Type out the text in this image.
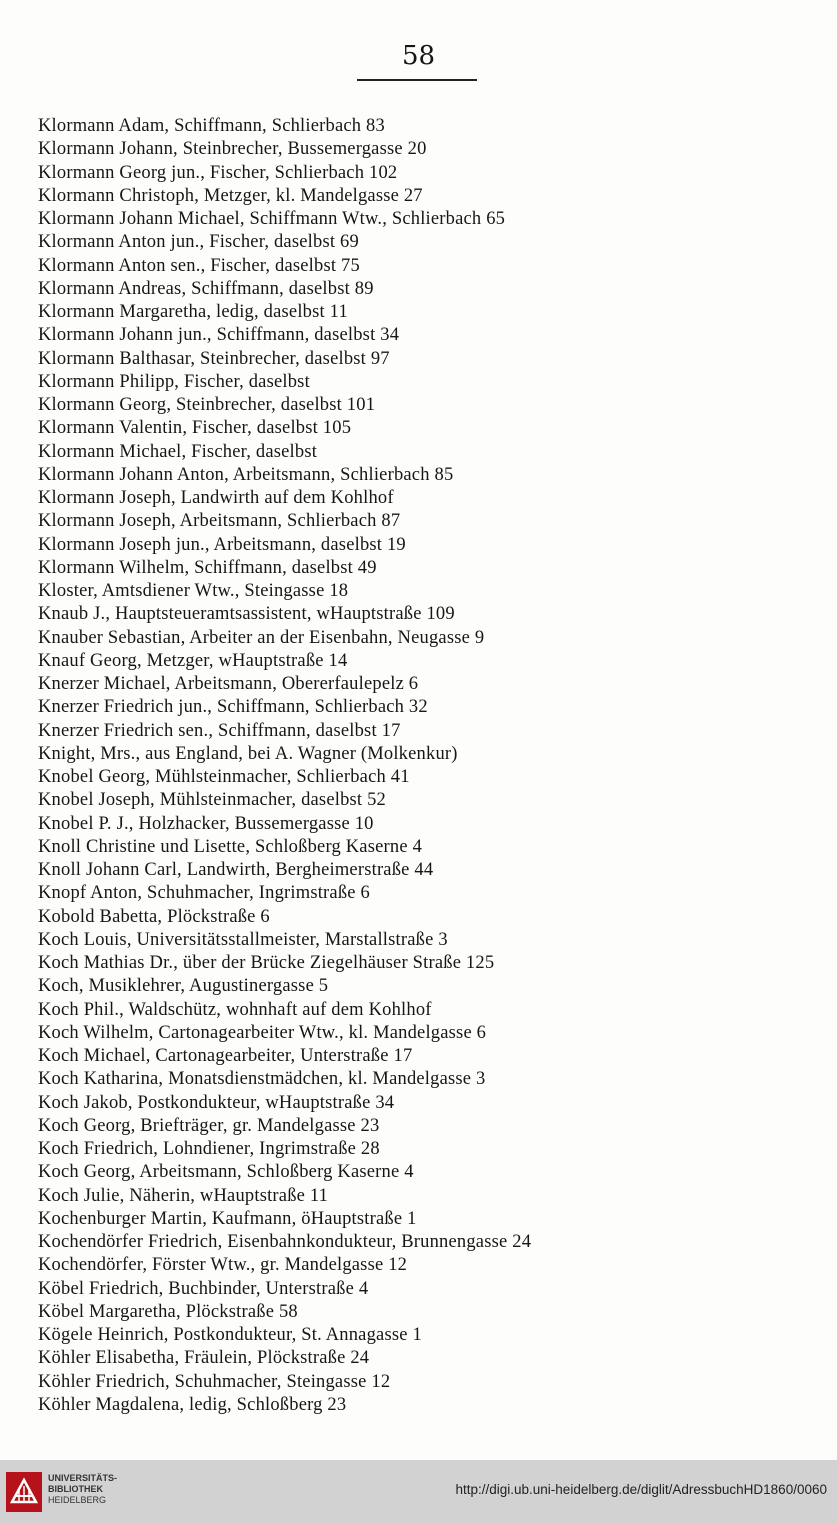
58
Klormann Adam, Schiffmann, Schlierbach 83
Klormann Johann, Steinbrecher, Bussemergasse 20
Klormann Georg jun., Fischer, Schlierbach 102
Klormann Christoph, Metzger, kl. Mandelgasse 27
Klormann Johann Michael, Schiffmann Wtw., Schlierbach 65
Klormann Anton jun., Fischer, daselbst 69
Klormann Anton sen., Fischer, daselbst 75
Klormann Andreas, Schiffmann, daselbst 89
Klormann Margaretha, ledig, daselbst 11
Klormann Johann jun., Schiffmann, daselbst 34
Klormann Balthasar, Steinbrecher, daselbst 97
Klormann Philipp, Fischer, daselbst
Klormann Georg, Steinbrecher, daselbst 101
Klormann Valentin, Fischer, daselbst 105
Klormann Michael, Fischer, daselbst
Klormann Johann Anton, Arbeitsmann, Schlierbach 85
Klormann Joseph, Landwirth auf dem Kohlhof
Klormann Joseph, Arbeitsmann, Schlierbach 87
Klormann Joseph jun., Arbeitsmann, daselbst 19
Klormann Wilhelm, Schiffmann, daselbst 49
Kloster, Amtsdiener Wtw., Steingasse 18
Knaub J., Hauptsteueramtsassistent, wHauptstraße 109
Knauber Sebastian, Arbeiter an der Eisenbahn, Neugasse 9
Knauf Georg, Metzger, wHauptstraße 14
Knerzer Michael, Arbeitsmann, Obererfaulepelz 6
Knerzer Friedrich jun., Schiffmann, Schlierbach 32
Knerzer Friedrich sen., Schiffmann, daselbst 17
Knight, Mrs., aus England, bei A. Wagner (Molkenkur)
Knobel Georg, Mühlsteinmacher, Schlierbach 41
Knobel Joseph, Mühlsteinmacher, daselbst 52
Knobel P. J., Holzhacker, Bussemergasse 10
Knoll Christine und Lisette, Schloßberg Kaserne 4
Knoll Johann Carl, Landwirth, Bergheimerstraße 44
Knopf Anton, Schuhmacher, Ingrimstraße 6
Kobold Babetta, Plöckstraße 6
Koch Louis, Universitätsstallmeister, Marstallstraße 3
Koch Mathias Dr., über der Brücke Ziegelhäuser Straße 125
Koch, Musiklehrer, Augustinergasse 5
Koch Phil., Waldschütz, wohnhaft auf dem Kohlhof
Koch Wilhelm, Cartonagearbeiter Wtw., kl. Mandelgasse 6
Koch Michael, Cartonagearbeiter, Unterstraße 17
Koch Katharina, Monatsdienstmädchen, kl. Mandelgasse 3
Koch Jakob, Postkondukteur, wHauptstraße 34
Koch Georg, Briefträger, gr. Mandelgasse 23
Koch Friedrich, Lohndiener, Ingrimstraße 28
Koch Georg, Arbeitsmann, Schloßberg Kaserne 4
Koch Julie, Näherin, wHauptstraße 11
Kochenburger Martin, Kaufmann, öHauptstraße 1
Kochendörfer Friedrich, Eisenbahnkondukteur, Brunnengasse 24
Kochendörfer, Förster Wtw., gr. Mandelgasse 12
Köbel Friedrich, Buchbinder, Unterstraße 4
Köbel Margaretha, Plöckstraße 58
Kögele Heinrich, Postkondukteur, St. Annagasse 1
Köhler Elisabetha, Fräulein, Plöckstraße 24
Köhler Friedrich, Schuhmacher, Steingasse 12
Köhler Magdalena, ledig, Schloßberg 23
UNIVERSITÄTS-
BIBLIOTHEK
HEIDELBERG
http://digi.ub.uni-heidelberg.de/diglit/AdressbuchHD1860/0060
